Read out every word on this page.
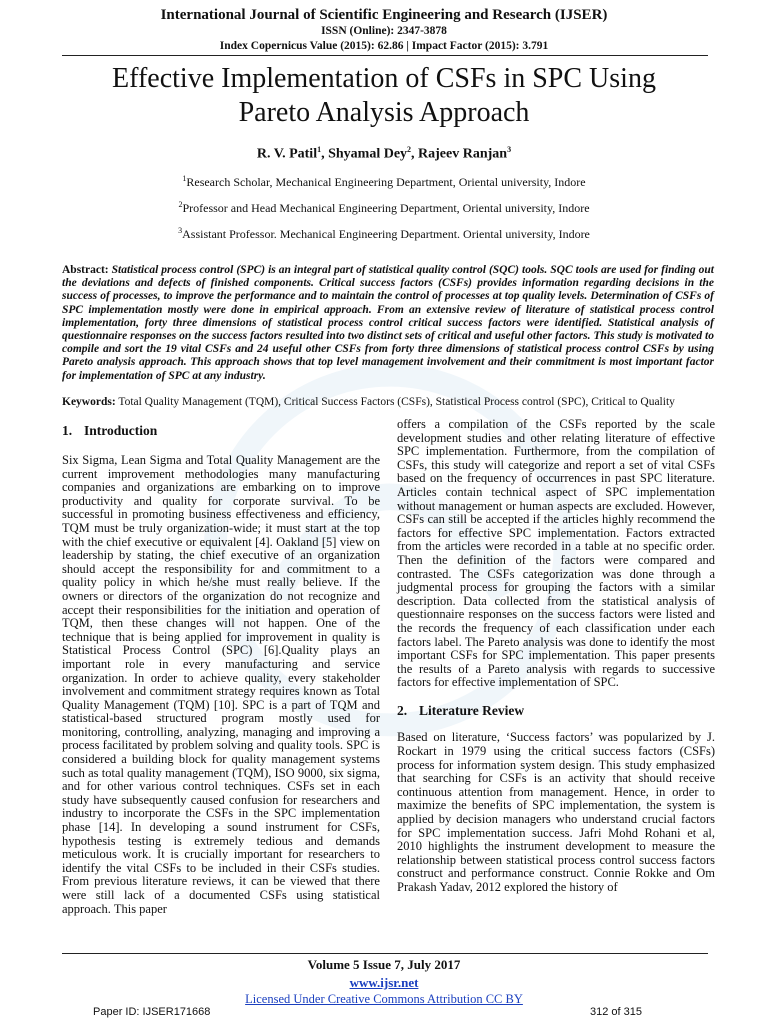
International Journal of Scientific Engineering and Research (IJSER)
ISSN (Online): 2347-3878
Index Copernicus Value (2015): 62.86 | Impact Factor (2015): 3.791
Effective Implementation of CSFs in SPC Using
Pareto Analysis Approach
R. V. Patil$^1$, Shyamal Dey$^2$, Rajeev Ranjan$^3$
$^1$Research Scholar, Mechanical Engineering Department, Oriental university, Indore
$^2$Professor and Head Mechanical Engineering Department, Oriental university, Indore
$^3$Assistant Professor. Mechanical Engineering Department. Oriental university, Indore
Abstract: Statistical process control (SPC) is an integral part of statistical quality control (SQC) tools. SQC tools are used for finding out the deviations and defects of finished components. Critical success factors (CSFs) provides information regarding decisions in the success of processes, to improve the performance and to maintain the control of processes at top quality levels. Determination of CSFs of SPC implementation mostly were done in empirical approach. From an extensive review of literature of statistical process control implementation, forty three dimensions of statistical process control critical success factors were identified. Statistical analysis of questionnaire responses on the success factors resulted into two distinct sets of critical and useful other factors. This study is motivated to compile and sort the 19 vital CSFs and 24 useful other CSFs from forty three dimensions of statistical process control CSFs by using Pareto analysis approach. This approach shows that top level management involvement and their commitment is most important factor for implementation of SPC at any industry.
Keywords: Total Quality Management (TQM), Critical Success Factors (CSFs), Statistical Process control (SPC), Critical to Quality
1. Introduction
Six Sigma, Lean Sigma and Total Quality Management are the current improvement methodologies many manufacturing companies and organizations are embarking on to improve productivity and quality for corporate survival. To be successful in promoting business effectiveness and efficiency, TQM must be truly organization-wide; it must start at the top with the chief executive or equivalent [4]. Oakland [5] view on leadership by stating, the chief executive of an organization should accept the responsibility for and commitment to a quality policy in which he/she must really believe. If the owners or directors of the organization do not recognize and accept their responsibilities for the initiation and operation of TQM, then these changes will not happen. One of the technique that is being applied for improvement in quality is Statistical Process Control (SPC) [6].Quality plays an important role in every manufacturing and service organization. In order to achieve quality, every stakeholder involvement and commitment strategy requires known as Total Quality Management (TQM) [10]. SPC is a part of TQM and statistical-based structured program mostly used for monitoring, controlling, analyzing, managing and improving a process facilitated by problem solving and quality tools. SPC is considered a building block for quality management systems such as total quality management (TQM), ISO 9000, six sigma, and for other various control techniques. CSFs set in each study have subsequently caused confusion for researchers and industry to incorporate the CSFs in the SPC implementation phase [14]. In developing a sound instrument for CSFs, hypothesis testing is extremely tedious and demands meticulous work. It is crucially important for researchers to identify the vital CSFs to be included in their CSFs studies. From previous literature reviews, it can be viewed that there were still lack of a documented CSFs using statistical approach. This paper
offers a compilation of the CSFs reported by the scale development studies and other relating literature of effective SPC implementation. Furthermore, from the compilation of CSFs, this study will categorize and report a set of vital CSFs based on the frequency of occurrences in past SPC literature. Articles contain technical aspect of SPC implementation without management or human aspects are excluded. However, CSFs can still be accepted if the articles highly recommend the factors for effective SPC implementation. Factors extracted from the articles were recorded in a table at no specific order. Then the definition of the factors were compared and contrasted. The CSFs categorization was done through a judgmental process for grouping the factors with a similar description. Data collected from the statistical analysis of questionnaire responses on the success factors were listed and the records the frequency of each classification under each factors label. The Pareto analysis was done to identify the most important CSFs for SPC implementation. This paper presents the results of a Pareto analysis with regards to successive factors for effective implementation of SPC.
2. Literature Review
Based on literature, ‘Success factors’ was popularized by J. Rockart in 1979 using the critical success factors (CSFs) process for information system design. This study emphasized that searching for CSFs is an activity that should receive continuous attention from management. Hence, in order to maximize the benefits of SPC implementation, the system is applied by decision managers who understand crucial factors for SPC implementation success. Jafri Mohd Rohani et al, 2010 highlights the instrument development to measure the relationship between statistical process control success factors construct and performance construct. Connie Rokke and Om Prakash Yadav, 2012 explored the history of
Volume 5 Issue 7, July 2017
www.ijsr.net
Licensed Under Creative Commons Attribution CC BY
Paper ID: IJSER171668	312 of 315
